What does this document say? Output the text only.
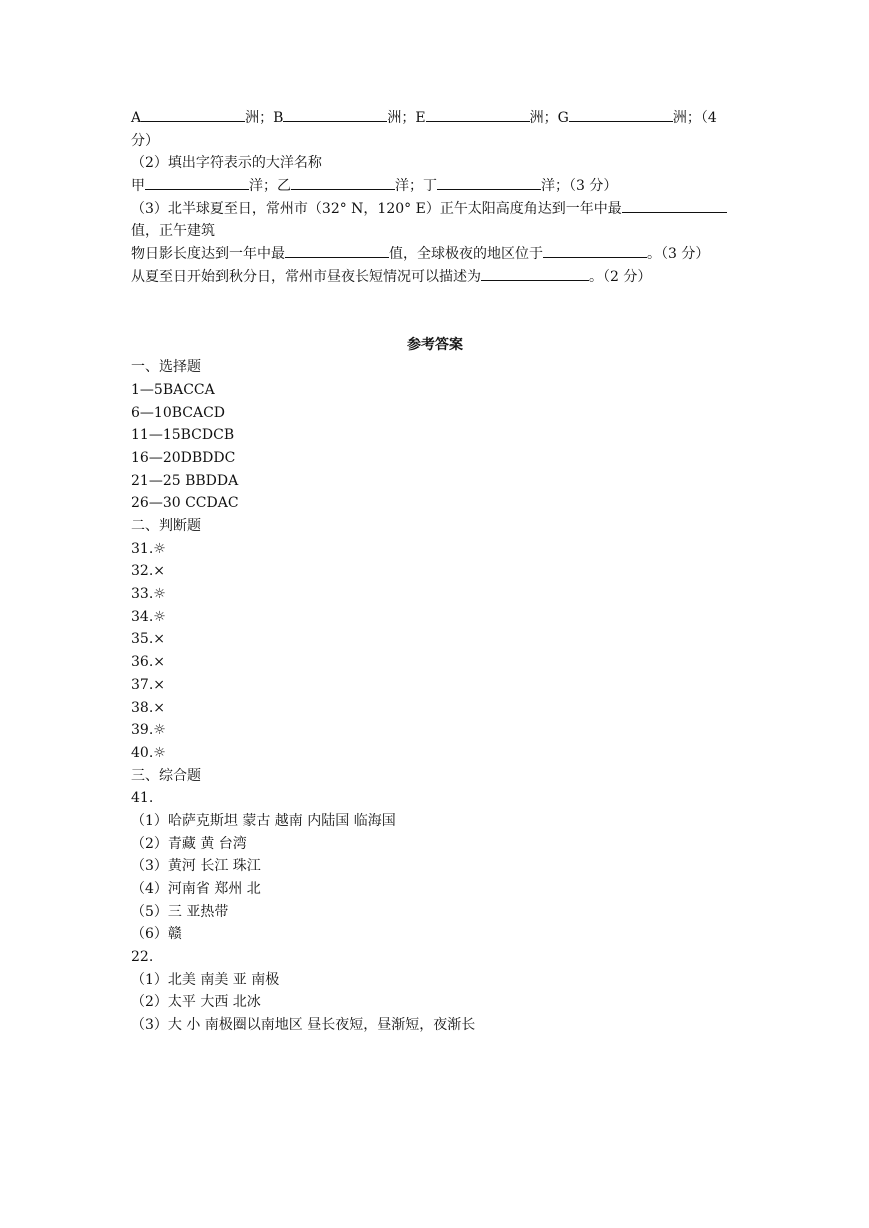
A	洲；B	洲；E	洲；G	洲；（4
分）
（2）填出字符表示的大洋名称
甲	洋；乙	洋；丁	洋；（3 分）
（3）北半球夏至日，常州市（32° N，120° E）正午太阳高度角达到一年中最
值，正午建筑
物日影长度达到一年中最	值，全球极夜的地区位于	。（3 分）
从夏至日开始到秋分日，常州市昼夜长短情况可以描述为	。（2 分）
参考答案
一、选择题
1—5BACCA
6—10BCACD
11—15BCDCB
16—20DBDDC
21—25 BBDDA
26—30 CCDAC
二、判断题
31.☼
32.×
33.☼
34.☼
35.×
36.×
37.×
38.×
39.☼
40.☼
三、综合题
41.
（1）哈萨克斯坦 蒙古 越南 内陆国 临海国
（2）青藏 黄 台湾
（3）黄河 长江 珠江
（4）河南省 郑州 北
（5）三 亚热带
（6）赣
22.
（1）北美 南美 亚 南极
（2）太平 大西 北冰
（3）大 小 南极圈以南地区 昼长夜短，昼渐短，夜渐长
